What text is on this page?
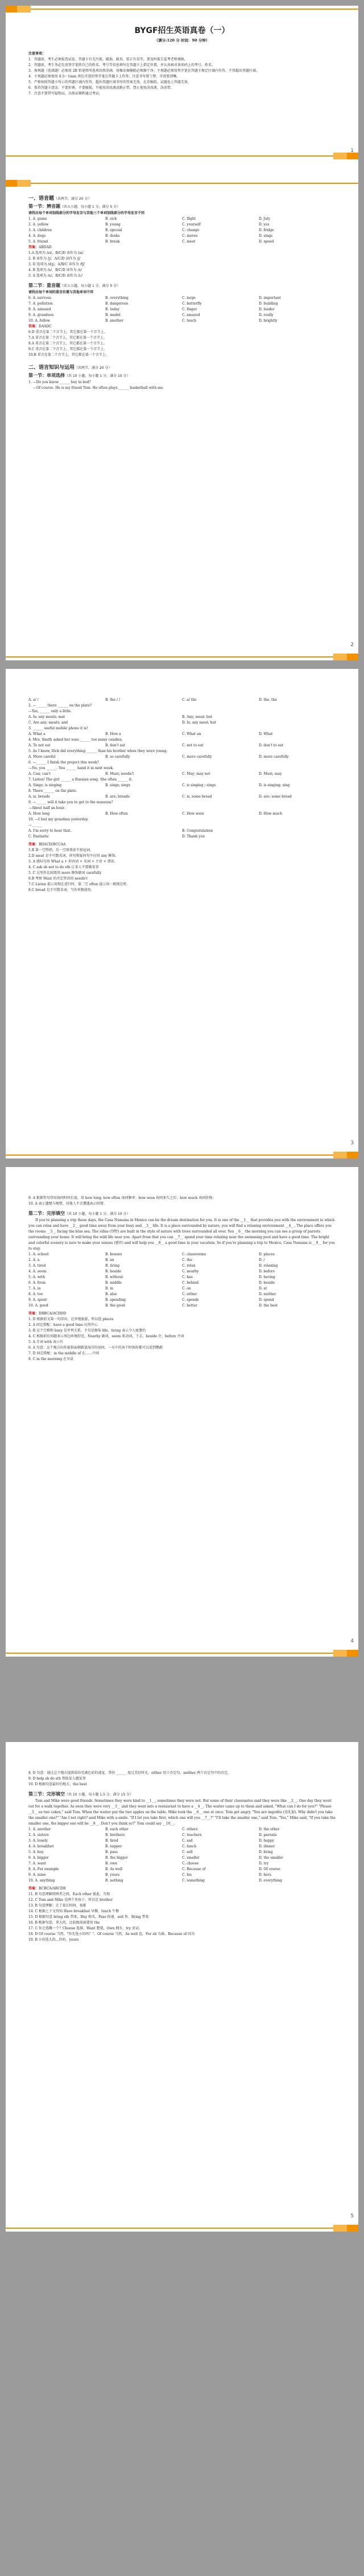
BYGF招生英语真卷（一）
（满分:120 分 时间：90 分钟）

注意事项：

1．答题前，考生必须检查试卷、答题卡有无污损、破损、缺页、装订有误等，要及时报告监考老师调换。

2．答题前，考生务必先用签字笔将自己的姓名、考号等信息填写在答题卡上指定位置，并认真核对条形码上的考号、姓名。

3．客观题（选择题）必须用 2B 铅笔将所选项涂黑涂满，用橡皮擦擦除必须擦干净；主观题必须用签字笔在答题卡规定区域内作答，不得超出答题区域。

4．主观题必须使用 0.5～1mm 黑色字迹的签字笔在答题卡上作答，注意书写要工整、字迹要清晰。

5．严格按照答题卡所示的答题区域内作答，超出答题区域书写的答案无效，在草稿纸、试题卷上答题无效。

6．保持答题卡清洁，不要折叠、不要破损，不能用涂改液或修正带。禁止使用涂改液、涂改带。

7．注意不要带可疑物品，以保证顺利通过考试。

1
一、语音题（共两节，满分 20 分）
第一节：辨音题（共五小题，每小题 1 分，满分 5 分）
请找出每个单词划线部分的字母发音与其他三个单词划线部分的字母发音不同
1. A. game	B. sick	C. flight	D. July
2. A. yellow	B. young	C. yourself	D. yes
3. A. children	B. special	C. change	D. fridge
4. A. dogs	B. desks	C. moves	D. sings
5. A. friend	B. break	C. meat	D. speed
答案：ABDAD
1.A 选项为 /ei/，B/C/D 读作为 /ai/
2. B 读作为 /j/，A/C/D 读作为 /j/
3. D 选项为 /dʒ/，A/B/C 读作为 /tʃ/
4. B 选项为 /s/，B/C/D 读作为 /z/
5. A 选项为 /e/，B/C/D 读作为 /i:/
第二节：重音题（共五小题，每小题 1 分，满分 5 分）
请找出每个单词的重音位置与其他单词不同
6. A. nervous	B. everything	C. large	D. important
7. A. pollution	B. dangerous	C. butterfly	D. building
8. A. amused	B. today	C. finger	D. leader
9. A. grandson	B. model	C. amazed	D. really
10. A. follow	B. another	C. teach	D. brightly
答案：DAADC
6.D 重音在第二个音节上，其它都在第一个音节上。
7.A 重音在第二个音节上，其它都在第一个音节上。
8.A 重音在第二个音节上，其它都在第一个音节上。
9.C 重音在第二个音节上，其它都在第一个音节上。
10.B 重音在第二个音节上，其它都在第一个音节上。
二、语言知识与运用（共两节，满分 20 分）
第一节：单项选择（共 10 小题，每小题 1 分，满分 10 分）
1. —Do you know ______ boy in bed?
—Of course. He is my friend Tom. He often plays ______ basketball with me.
2
A. a/ /	B. the / /	C. a/ the	D. the, the
2. —______ there ______ on the plate?
—Yes, ______ only a little.
A. Is; any meats; mat	B. Any; meat; but
C. Are any; meats; and	D. Is; any meat; but
3. ______ useful mobile phone it is!
A. What a	B. How a	C. What an	D. What
4. Mrs. Smith asked her sons ______ too many candies.
A. To not eat	B. don't eat	C. not to eat	D. don't to eat
5. As I know, Dick did everything ______ than his brother when they were young.
A. More careful	B. so carefully	C. more carefully	D. more carefully
6. —______ I finish the project this week?
—No, you ______. You ______ hand it in next week.
A. Can; can't	B. Must; needn't	C. May; may not	D. Must; may
7. Listen! The girl ______ a Russian song. She often ______ it.
A. Sings; is singing	B. sings; sings	C. is singing ; sings	D. is singing; sing
8. There ______ on the plate.
A. is, breads	B. are; breads	C. is, some bread	D. are; some bread
9. —______ will it take you to get to the museum?
—About half an hour.
A. How long	B. How often	C. How soon	D. How much
10. —I lost my grandma yesterday.
—______
A. I'm sorry to hear that.	B. Congratulation
C. Fantastic	D. Thank you
答案：BDACD/BCCAA
1.B 第一空特指，后一空球类前不加冠词。
2.D meat 是不可数名词，问句和疑问句中应用 any 修饰。
3. A 感叹句用 What a + 形容词 + 名词 + 主语 + 谓语。
4. C ask sb not to do sth 让某人不要做某事
5. C 这里作比较级用 more 修饰副词 carefully
6.B 考察 Must 的否定答语用 needn't
7.C Listen 提示用现在进行时，第二空 often 提示用一般现在时。
8.C bread 是不可数名词，当作单数使用。
3
9. A 根据答句得知询问时间长度，用 how long; how often 询问频率；how soon 询问多久之后；how much 询问价格。
10. A 表示遗憾与惋惜，对他人不幸遭遇表示同情。
第二节：完形填空（共 10 小题，每小题 1 分，满分 10 分）
If you're planning a trip these days, the Casa Numana in Mexico can be the dream destination for you. It is one of the __1__ that provides you with the environment in which you can relax and have __2__ good time away from your busy and __3__ life. It is a place surrounded by nature, you will find a relaxing environment __4__. The place offers you the rooms __5__ facing the blue sea. The villas (别墅) are built in the style of nature with trees surrounded all over. You __6__ the morning you can see a group of parrots surrounding your home. It will bring the wild life near you. Apart from that you can __7__ spend your time relaxing near the swimming pool and have a good time. The bright and colorful scenery is sure to make your senses (感官) and will help you __8__ a good time in your vacation. So if you're planning a trip to Mexico, Casa Numana is __9__ for you to stay.
1. A. school	B. houses	C. classrooms	D. places
2. A. a	B. an	C. the	D. /
3. A. tired	B. tiring	C. relax	D. relaxing
4. A. seem	B. beside	C. nearby	D. before
5. A. with	B. without	C. has	D. having
6. A. from	B. middle	C. behind	D. beside
7. A. in	B. in	C. on	D. at
8. A. too	B. also	C. either	D. neither
9. A. spent	B. spending	C. spends	D. spend
10. A. good	B. the good	C. better	D. the best
答案：DBBCA/ACDDD
1. D 根据前文第一句得出，在外地旅游，所以选 places
2. A 固定搭配：have a good time 玩得开心
3. B 这个空格和 busy 是并列关系，主句是修饰 life，tiring 表示令人疲惫的
4. C 根据前后问题表示周边环境舒适。Nearby 副词，seem 系动词，下去，beside 介，before 介词
5. A 介词 with 表示有
6. A 句意：这个地方向你提供面朝蔚蓝海洋的房间，一天中的各个时刻你都可以看到鹦鹉
7. D 固定搭配：in the middle of 在……中间
8. C in the morning 在早晨
4
8. D 句意：通过这个地方提供给你充满色彩的视觉，帮你 ______ 度过美好时光。either 用于否定句，neither 两个否定句中的否定。
9. D help sb do sth 帮助某人做某事
10. D 根据句意最好的地方，the best
第三节：完形填空（共 10 小题，每小题 1.5 分，满分 15 分）
Tom and Mike were good friends. Sometimes they were kind to __1__, sometimes they were not. But some of their classmates said they were like __2__. One day they went out for a walk together. As soon they were very __3__ and they went into a restaurant to have a __4__. The waiter came up to them and asked, "What can I do for you?" "Please __5__ us two cakes," said Tom. When the waiter put the two apples on the table, Mike took the __6__ one at once. Tom got angry. "You are impolite (没礼貌). Why didn't you take the smaller one?" "Am I not right? said Mike with a smile. "If I let you take first, which one will you __7__?" "I'll take the smaller one," said Tom. "Yes," Mike said, "If you take the smaller one, the bigger one will be __8__. Don't you think so?" Tom could say __10__.
1. A. another	B. each other	C. others	D. the other
2. A. sisters	B. brothers	C. teachers	D. parents
3. A. lonely	B. tired	C. sad	D. happy
4. A. breakfast	B. supper	C. lunch	D. dinner
5. A. buy	B. pass	C. sell	D. bring
6. A. bigger	B. the bigger	C. smaller	D. the smaller
7. A. want	B. own	C. choose	D. try
8. A. For example	B. As well	C. Because of	D. Of course
9. A. mine	B. yours	C. his	D. hers
10. A. anything	B. nothing	C. something	D. everything
答案：BCBCA/ABCDB
11. B 句意理解即两者之间，Each other 彼此，互相
12. C Tom and Mike 是两个男孩子，所以是 brother
13. B 句意理解：走了很长时间，很累
14. C 根据上下文得知 Have breakfast 早餐，lunch 午餐
15. D 根据句意 bring sth 带来，Buy 购买，Pass 传递，sell 售，Bring 带来
16. B 根据句意，拿大的，比较级前面要用 the
17. C 你会选哪一个？Choose 选择，Want 想要，Own 拥有，try 尝试。
18. D Of course 当然，"你先选小的吗？"，Of course 当然，As well 也，For sb 为谁，Because of 因为
19. B 小的选大的...你的，yours
5
